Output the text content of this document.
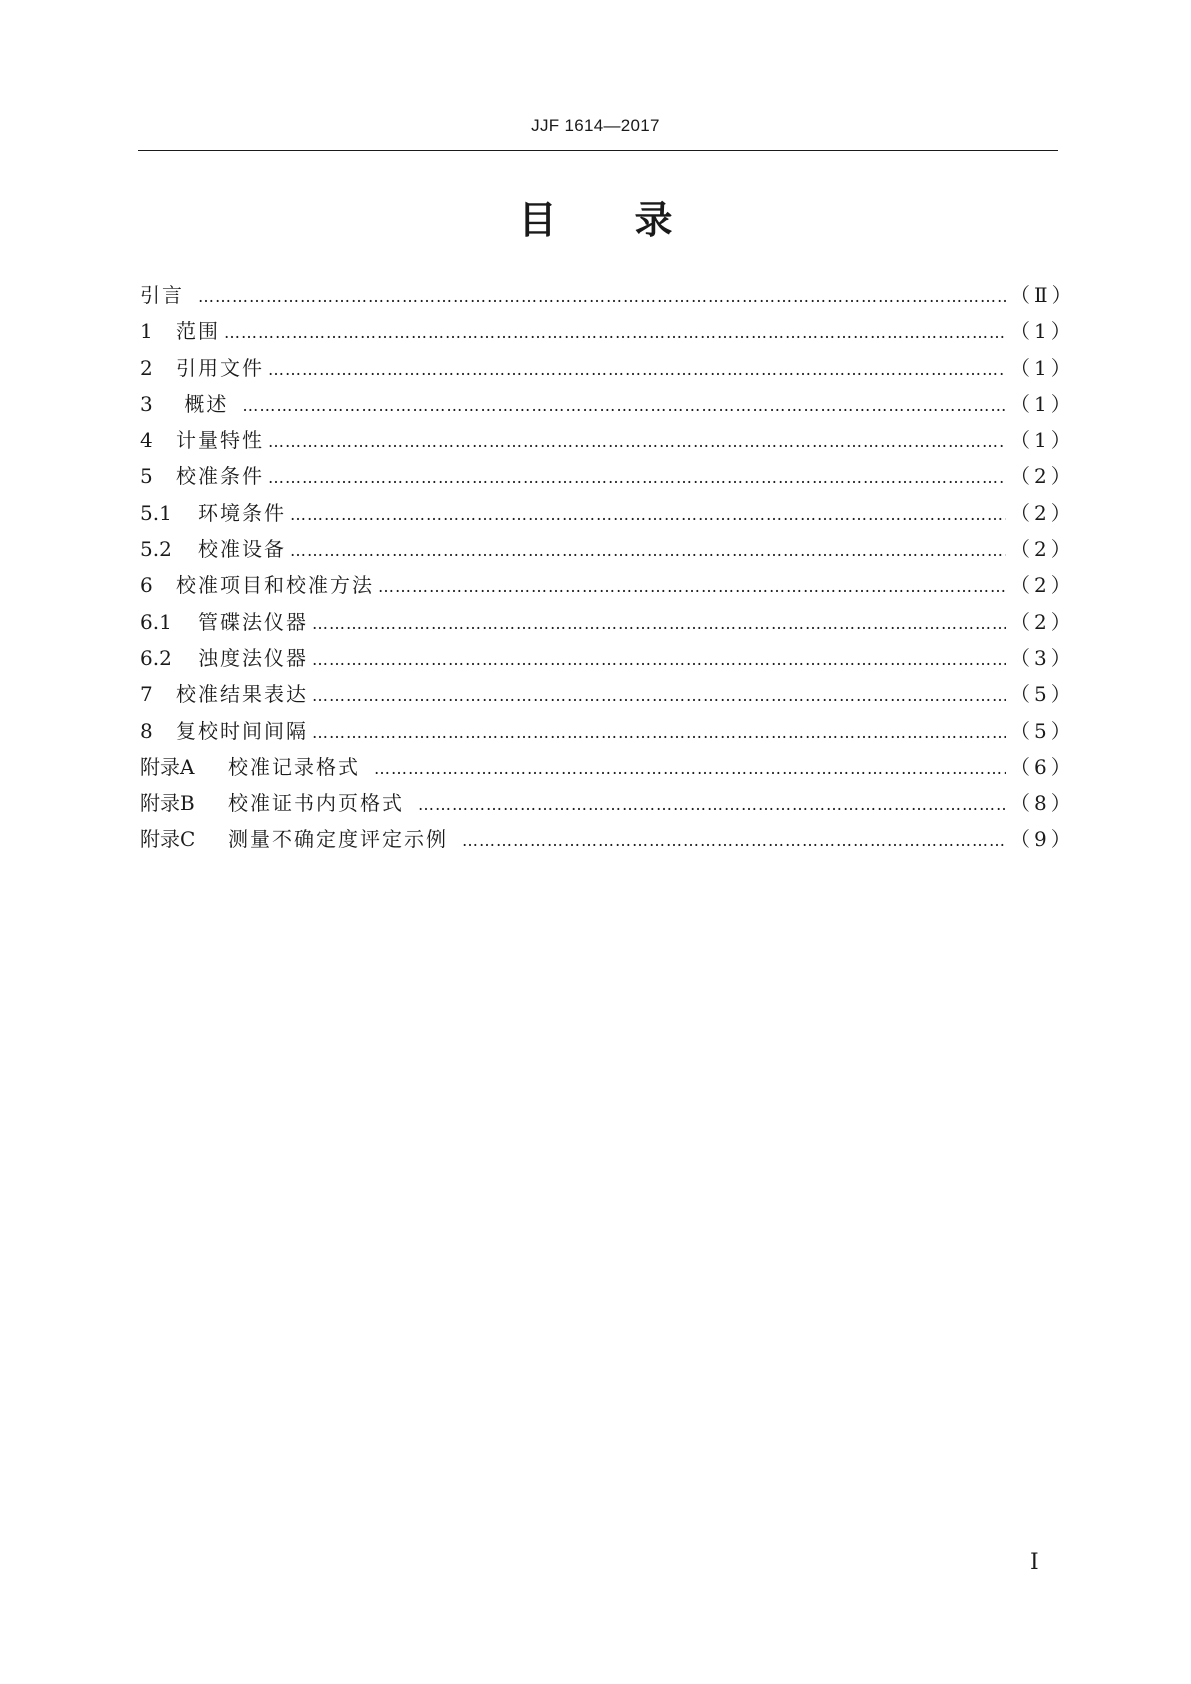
JJF 1614—2017
目 录
引言 …………………………………………………………………………………………………………………………………………………………	（Ⅱ）
1	范围 …………………………………………………………………………………………………………………………………………………………	（1）
2	引用文件 …………………………………………………………………………………………………………………………………………………………	（1）
3	概述 …………………………………………………………………………………………………………………………………………………………	（1）
4	计量特性 …………………………………………………………………………………………………………………………………………………………	（1）
5	校准条件 …………………………………………………………………………………………………………………………………………………………	（2）
5.1	环境条件 …………………………………………………………………………………………………………………………………………………………	（2）
5.2	校准设备 …………………………………………………………………………………………………………………………………………………………	（2）
6	校准项目和校准方法 …………………………………………………………………………………………………………………………………………………………	（2）
6.1	管碟法仪器 …………………………………………………………………………………………………………………………………………………………	（2）
6.2	浊度法仪器 …………………………………………………………………………………………………………………………………………………………	（3）
7	校准结果表达 …………………………………………………………………………………………………………………………………………………………	（5）
8	复校时间间隔 …………………………………………………………………………………………………………………………………………………………	（5）
附录A	校准记录格式 …………………………………………………………………………………………………………………………………………………………	（6）
附录B	校准证书内页格式 …………………………………………………………………………………………………………………………………………………………	（8）
附录C	测量不确定度评定示例 …………………………………………………………………………………………………………………………………………………………	（9）
Ⅰ
